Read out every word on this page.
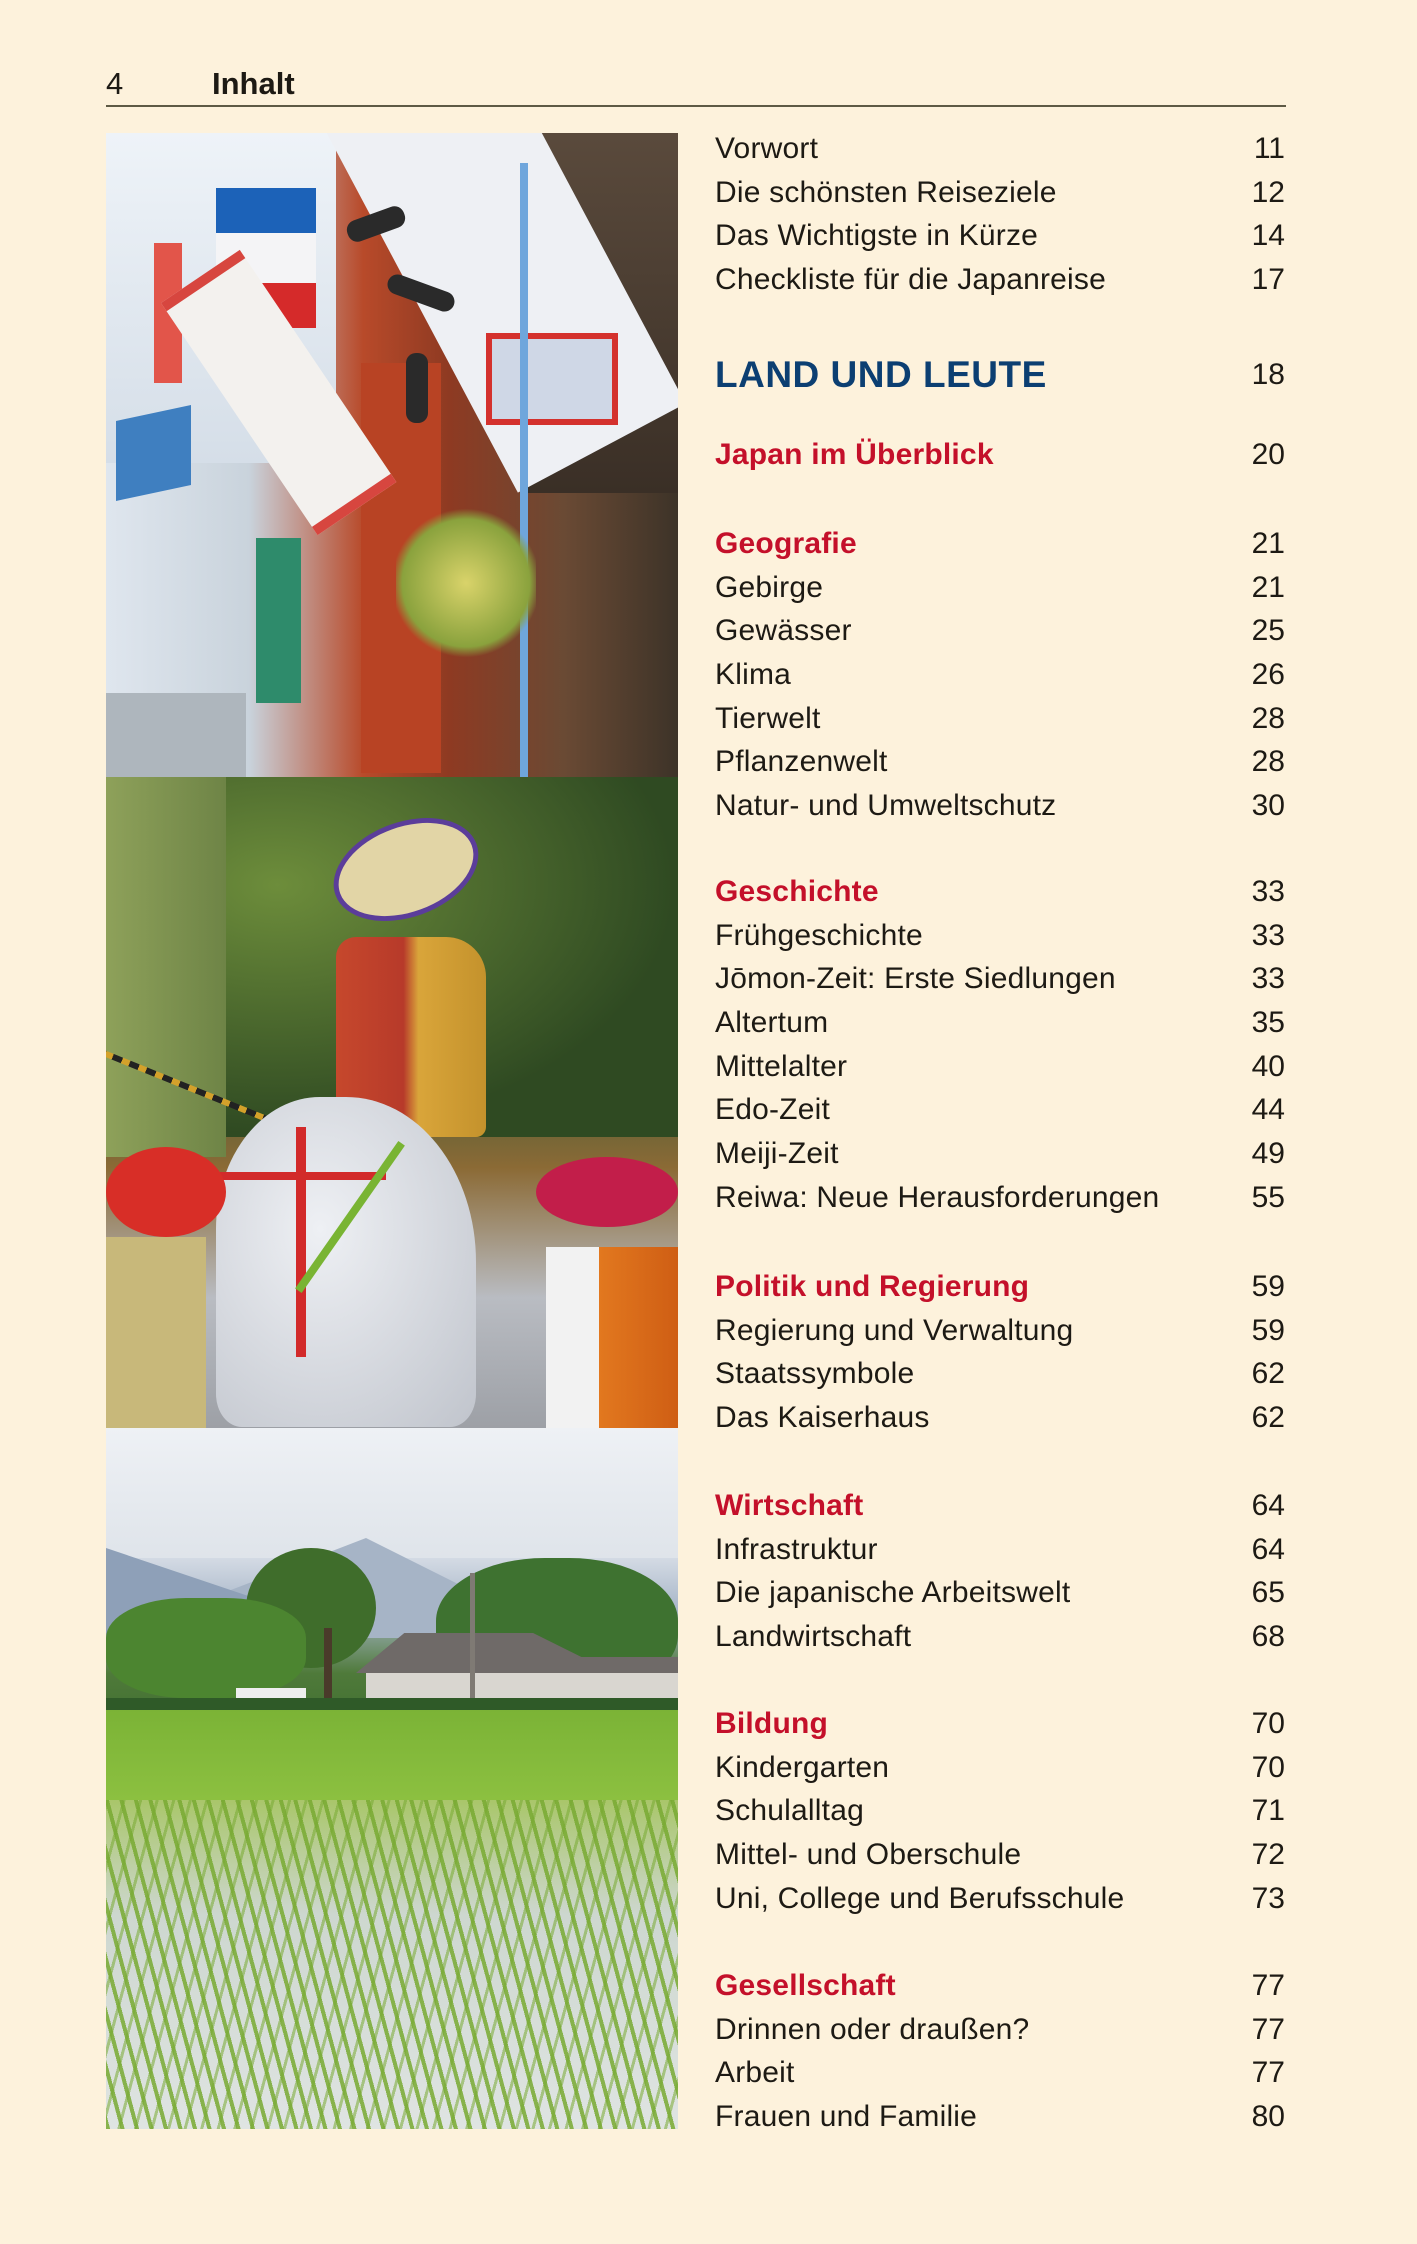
4	Inhalt
Vorwort	11
Die schönsten Reiseziele	12
Das Wichtigste in Kürze	14
Checkliste für die Japanreise	17
LAND UND LEUTE	18
Japan im Überblick	20
Geografie	21
Gebirge	21
Gewässer	25
Klima	26
Tierwelt	28
Pflanzenwelt	28
Natur- und Umweltschutz	30
Geschichte	33
Frühgeschichte	33
Jōmon-Zeit: Erste Siedlungen	33
Altertum	35
Mittelalter	40
Edo-Zeit	44
Meiji-Zeit	49
Reiwa: Neue Herausforderungen	55
Politik und Regierung	59
Regierung und Verwaltung	59
Staatssymbole	62
Das Kaiserhaus	62
Wirtschaft	64
Infrastruktur	64
Die japanische Arbeitswelt	65
Landwirtschaft	68
Bildung	70
Kindergarten	70
Schulalltag	71
Mittel- und Oberschule	72
Uni, College und Berufsschule	73
Gesellschaft	77
Drinnen oder draußen?	77
Arbeit	77
Frauen und Familie	80
